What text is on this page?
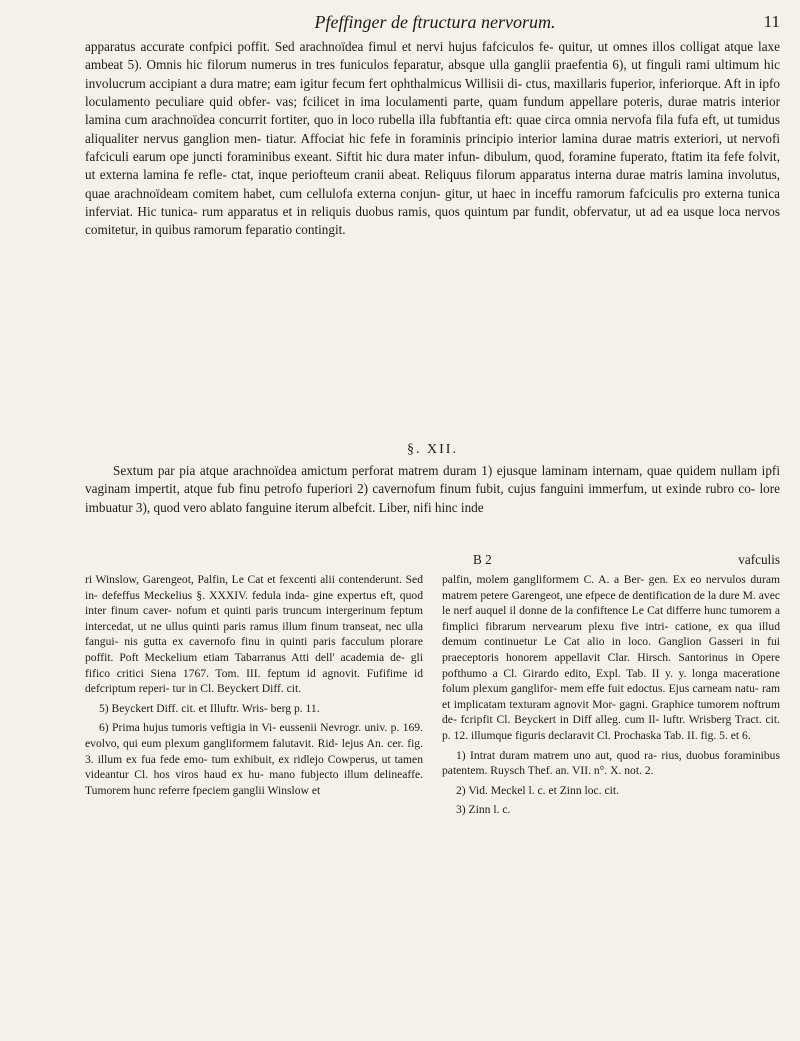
Pfeffinger de ftructura nervorum.	11

apparatus accurate confpici poffit. Sed arachnoïdea fimul et nervi hujus fafciculos fe- quitur, ut omnes illos colligat atque laxe ambeat 5). Omnis hic filorum numerus in tres funiculos feparatur, absque ulla ganglii praefentia 6), ut finguli rami ultimum hic involucrum accipiant a dura matre; eam igitur fecum fert ophthalmicus Willisii di- ctus, maxillaris fuperior, inferiorque. Aft in ipfo loculamento peculiare quid obfer- vas; fcilicet in ima loculamenti parte, quam fundum appellare poteris, durae matris interior lamina cum arachnoïdea concurrit fortiter, quo in loco rubella illa fubftantia eft: quae circa omnia nervofa fila fufa eft, ut tumidus aliqualiter nervus ganglion men- tiatur. Affociat hic fefe in foraminis principio interior lamina durae matris exteriori, ut nervofi fafciculi earum ope juncti foraminibus exeant. Siftit hic dura mater infun- dibulum, quod, foramine fuperato, ftatim ita fefe folvit, ut externa lamina fe refle- ctat, inque periofteum cranii abeat. Reliquus filorum apparatus interna durae matris lamina involutus, quae arachnoïdeam comitem habet, cum cellulofa externa conjun- gitur, ut haec in inceffu ramorum fafciculis pro externa tunica inferviat. Hic tunica- rum apparatus et in reliquis duobus ramis, quos quintum par fundit, obfervatur, ut ad ea usque loca nervos comitetur, in quibus ramorum feparatio contingit.

§. XII.

Sextum par pia atque arachnoïdea amictum perforat matrem duram 1) ejusque laminam internam, quae quidem nullam ipfi vaginam impertit, atque fub finu petrofo fuperiori 2) cavernofum finum fubit, cujus fanguini immerfum, ut exinde rubro co- lore imbuatur 3), quod vero ablato fanguine iterum albefcit. Liber, nifi hinc inde

B 2	vafculis

ri Winslow, Garengeot, Palfin, Le Cat et fexcenti alii contenderunt. Sed in- defeffus Meckelius §. XXXIV. fedula inda- gine expertus eft, quod inter finum caver- nofum et quinti paris truncum intergerinum feptum intercedat, ut ne ullus quinti paris ramus illum finum transeat, nec ulla fangui- nis gutta ex cavernofo finu in quinti paris facculum plorare poffit. Poft Meckelium etiam Tabarranus Atti dell' academia de- gli fifico critici Siena 1767. Tom. III. feptum id agnovit. Fufifime id defcriptum reperi- tur in Cl. Beyckert Diff. cit.

5) Beyckert Diff. cit. et Illuftr. Wris- berg p. 11.

6) Prima hujus tumoris veftigia in Vi- eussenii Nevrogr. univ. p. 169. evolvo, qui eum plexum gangliformem falutavit. Rid- lejus An. cer. fig. 3. illum ex fua fede emo- tum exhibuit, ex ridlejo Cowperus, ut tamen videantur Cl. hos viros haud ex hu- mano fubjecto illum delineaffe. Tumorem hunc referre fpeciem ganglii Winslow et

palfin, molem gangliformem C. A. a Ber- gen. Ex eo nervulos duram matrem petere Garengeot, une efpece de dentification de la dure M. avec le nerf auquel il donne de la confiftence Le Cat differre hunc tumorem a fimplici fibrarum nervearum plexu five intri- catione, ex qua illud demum continuetur Le Cat alio in loco. Ganglion Gasseri in fui praeceptoris honorem appellavit Clar. Hirsch. Santorinus in Opere pofthumo a Cl. Girardo edito, Expl. Tab. II y. y. longa maceratione folum plexum ganglifor- mem effe fuit edoctus. Ejus carneam natu- ram et implicatam texturam agnovit Mor- gagni. Graphice tumorem noftrum de- fcripfit Cl. Beyckert in Diff alleg. cum Il- luftr. Wrisberg Tract. cit. p. 12. illumque figuris declaravit Cl. Prochaska Tab. II. fig. 5. et 6.

1) Intrat duram matrem uno aut, quod ra- rius, duobus foraminibus patentem. Ruysch Thef. an. VII. n°. X. not. 2.

2) Vid. Meckel l. c. et Zinn loc. cit.

3) Zinn l. c.
